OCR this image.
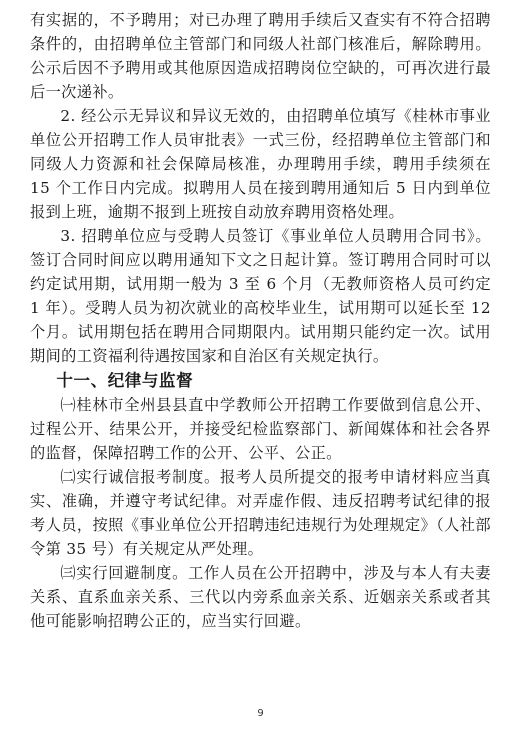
有实据的，不予聘用；对已办理了聘用手续后又查实有不符合招聘条件的，由招聘单位主管部门和同级人社部门核准后，解除聘用。公示后因不予聘用或其他原因造成招聘岗位空缺的，可再次进行最后一次递补。

2. 经公示无异议和异议无效的，由招聘单位填写《桂林市事业单位公开招聘工作人员审批表》一式三份，经招聘单位主管部门和同级人力资源和社会保障局核准，办理聘用手续，聘用手续须在 15 个工作日内完成。拟聘用人员在接到聘用通知后 5 日内到单位报到上班，逾期不报到上班按自动放弃聘用资格处理。

3. 招聘单位应与受聘人员签订《事业单位人员聘用合同书》。签订合同时间应以聘用通知下文之日起计算。签订聘用合同时可以约定试用期，试用期一般为 3 至 6 个月（无教师资格人员可约定 1 年）。受聘人员为初次就业的高校毕业生，试用期可以延长至 12 个月。试用期包括在聘用合同期限内。试用期只能约定一次。试用期间的工资福利待遇按国家和自治区有关规定执行。

十一、纪律与监督

㈠桂林市全州县县直中学教师公开招聘工作要做到信息公开、过程公开、结果公开，并接受纪检监察部门、新闻媒体和社会各界的监督，保障招聘工作的公开、公平、公正。

㈡实行诚信报考制度。报考人员所提交的报考申请材料应当真实、准确，并遵守考试纪律。对弄虚作假、违反招聘考试纪律的报考人员，按照《事业单位公开招聘违纪违规行为处理规定》（人社部令第 35 号）有关规定从严处理。

㈢实行回避制度。工作人员在公开招聘中，涉及与本人有夫妻关系、直系血亲关系、三代以内旁系血亲关系、近姻亲关系或者其他可能影响招聘公正的，应当实行回避。

9
